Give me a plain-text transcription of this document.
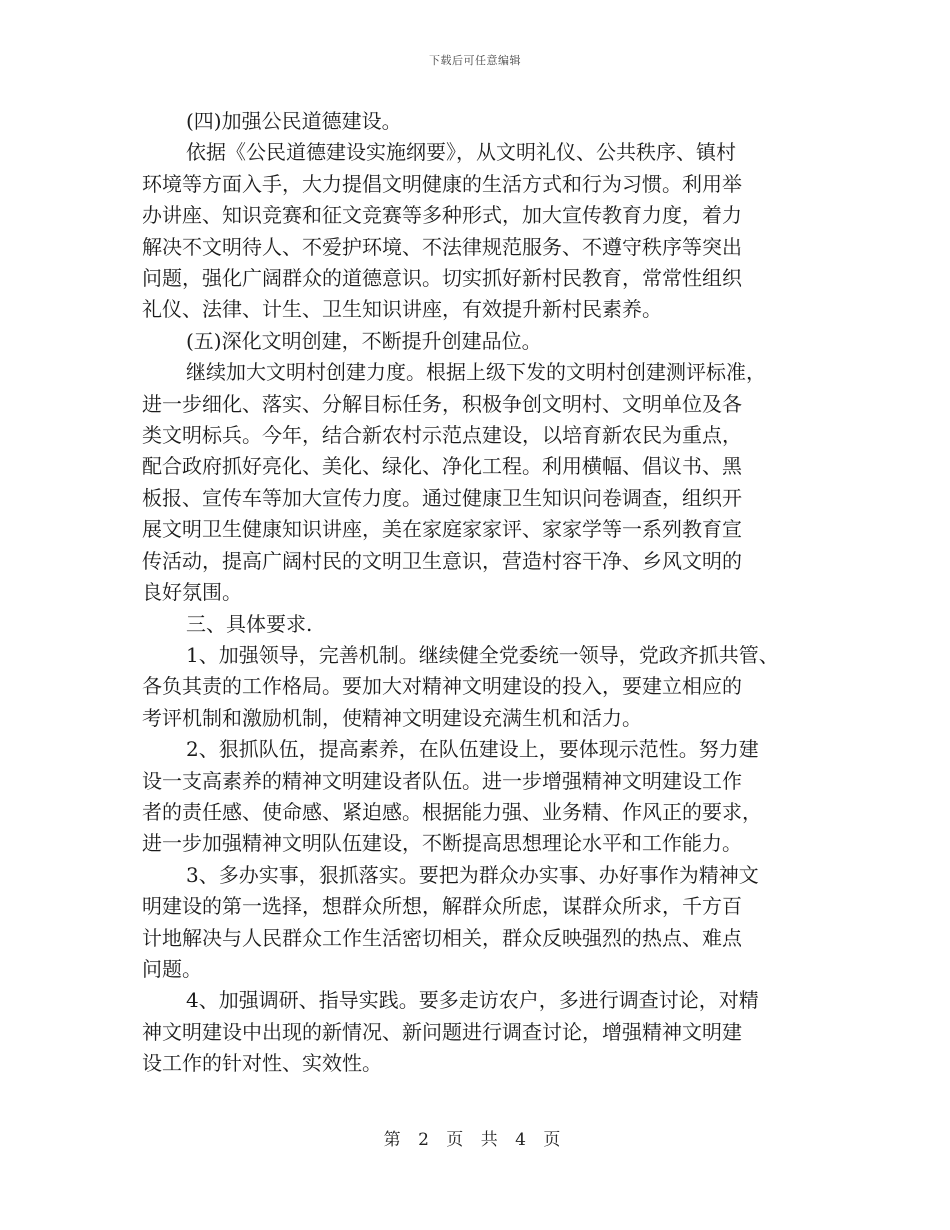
下载后可任意编辑
(四)加强公民道德建设。
依据《公民道德建设实施纲要》，从文明礼仪、公共秩序、镇村
环境等方面入手，大力提倡文明健康的生活方式和行为习惯。利用举
办讲座、知识竞赛和征文竞赛等多种形式，加大宣传教育力度，着力
解决不文明待人、不爱护环境、不法律规范服务、不遵守秩序等突出
问题，强化广阔群众的道德意识。切实抓好新村民教育，常常性组织
礼仪、法律、计生、卫生知识讲座，有效提升新村民素养。
(五)深化文明创建，不断提升创建品位。
继续加大文明村创建力度。根据上级下发的文明村创建测评标准，
进一步细化、落实、分解目标任务，积极争创文明村、文明单位及各
类文明标兵。今年，结合新农村示范点建设，以培育新农民为重点，
配合政府抓好亮化、美化、绿化、净化工程。利用横幅、倡议书、黑
板报、宣传车等加大宣传力度。通过健康卫生知识问卷调查，组织开
展文明卫生健康知识讲座，美在家庭家家评、家家学等一系列教育宣
传活动，提高广阔村民的文明卫生意识，营造村容干净、乡风文明的
良好氛围。
三、具体要求.
1、加强领导，完善机制。继续健全党委统一领导，党政齐抓共管、
各负其责的工作格局。要加大对精神文明建设的投入，要建立相应的
考评机制和激励机制，使精神文明建设充满生机和活力。
2、狠抓队伍，提高素养，在队伍建设上，要体现示范性。努力建
设一支高素养的精神文明建设者队伍。进一步增强精神文明建设工作
者的责任感、使命感、紧迫感。根据能力强、业务精、作风正的要求，
进一步加强精神文明队伍建设，不断提高思想理论水平和工作能力。
3、多办实事，狠抓落实。要把为群众办实事、办好事作为精神文
明建设的第一选择，想群众所想，解群众所虑，谋群众所求，千方百
计地解决与人民群众工作生活密切相关，群众反映强烈的热点、难点
问题。
4、加强调研、指导实践。要多走访农户，多进行调查讨论，对精
神文明建设中出现的新情况、新问题进行调查讨论，增强精神文明建
设工作的针对性、实效性。
第 2 页 共 4 页
